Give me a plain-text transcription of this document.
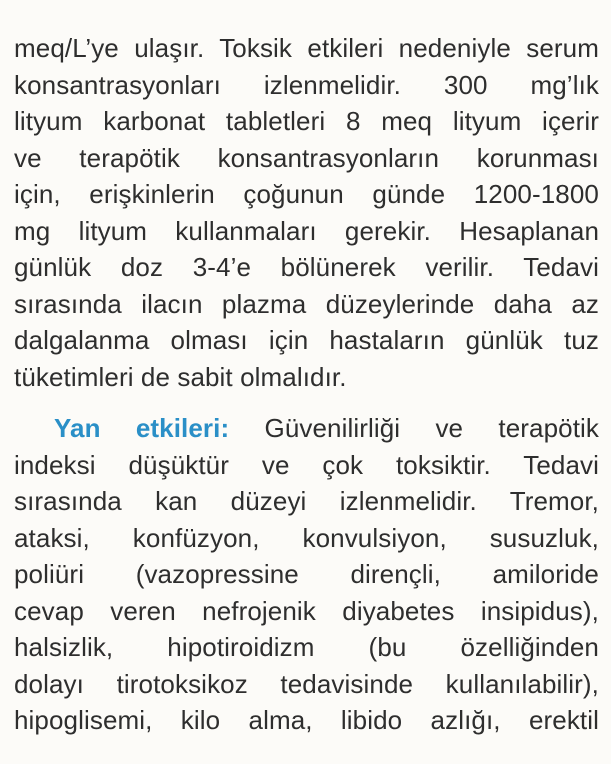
meq/L’ye ulaşır. Toksik etkileri nedeniyle serum
konsantrasyonları izlenmelidir. 300 mg’lık
lityum karbonat tabletleri 8 meq lityum içerir
ve terapötik konsantrasyonların korunması
için, erişkinlerin çoğunun günde 1200-1800
mg lityum kullanmaları gerekir. Hesaplanan
günlük doz 3-4’e bölünerek verilir. Tedavi
sırasında ilacın plazma düzeylerinde daha az
dalgalanma olması için hastaların günlük tuz
tüketimleri de sabit olmalıdır.
Yan etkileri: Güvenilirliği ve terapötik
indeksi düşüktür ve çok toksiktir. Tedavi
sırasında kan düzeyi izlenmelidir. Tremor,
ataksi, konfüzyon, konvulsiyon, susuzluk,
poliüri (vazopressine dirençli, amiloride
cevap veren nefrojenik diyabetes insipidus),
halsizlik, hipotiroidizm (bu özelliğinden
dolayı tirotoksikoz tedavisinde kullanılabilir),
hipoglisemi, kilo alma, libido azlığı, erektil
